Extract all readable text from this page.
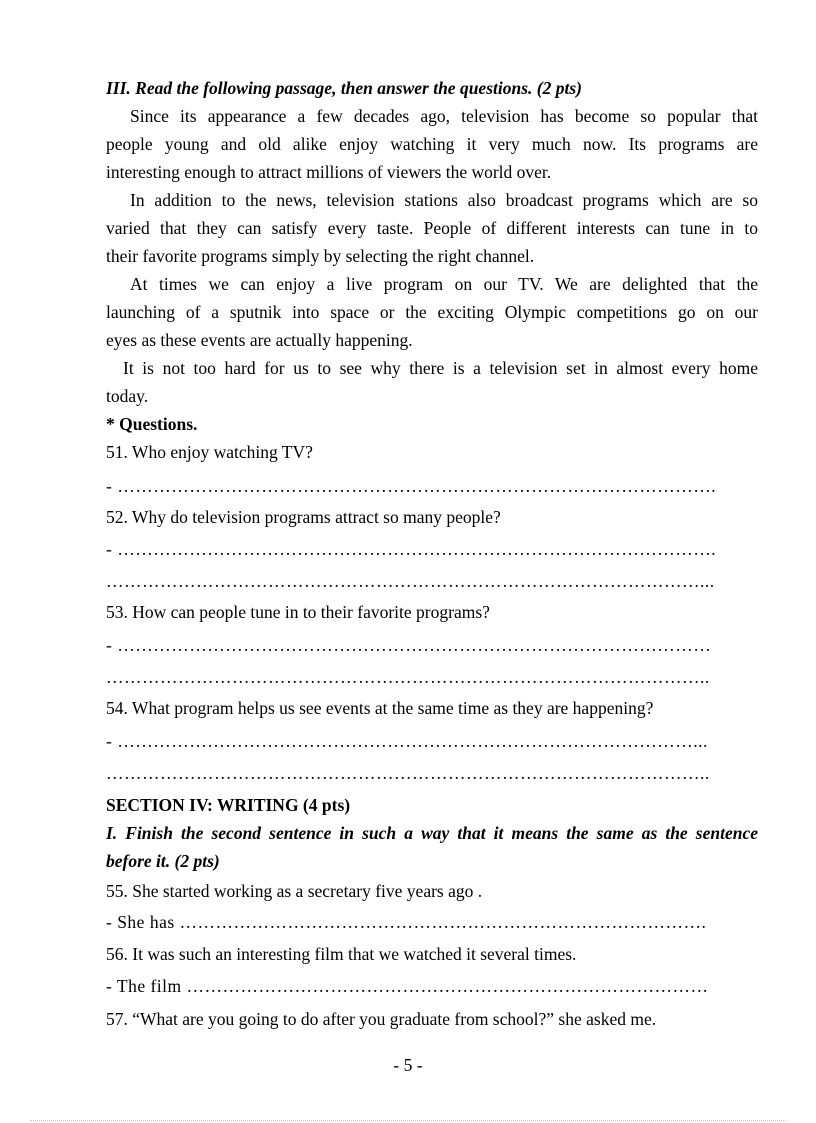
III. Read the following passage, then answer the questions. (2 pts)
Since its appearance a few decades ago, television has become so popular that
people young and old alike enjoy watching it very much now. Its programs are
interesting enough to attract millions of viewers the world over.
In addition to the news, television stations also broadcast programs which are so
varied that they can satisfy every taste. People of different interests can tune in to
their favorite programs simply by selecting the right channel.
At times we can enjoy a live program on our TV. We are delighted that the
launching of a sputnik into space or the exciting Olympic competitions go on our
eyes as these events are actually happening.
It is not too hard for us to see why there is a television set in almost every home
today.
* Questions.
51. Who enjoy watching TV?
- ……………………………………………………………………………………….
52. Why do television programs attract so many people?
- ……………………………………………………………………………………….
………………………………………………………………………………………...
53. How can people tune in to their favorite programs?
- ………………………………………………………………………………………
………………………………………………………………………………………..
54. What program helps us see events at the same time as they are happening?
- ……………………………………………………………………………………...
………………………………………………………………………………………..
SECTION IV: WRITING (4 pts)
I. Finish the second sentence in such a way that it means the same as the sentence
before it. (2 pts)
55. She started working as a secretary five years ago .
- She has …………………………………………………………………………….
56. It was such an interesting film that we watched it several times.
- The film ……………………………………………………………………………
57. “What are you going to do after you graduate from school?” she asked me.
- 5 -
